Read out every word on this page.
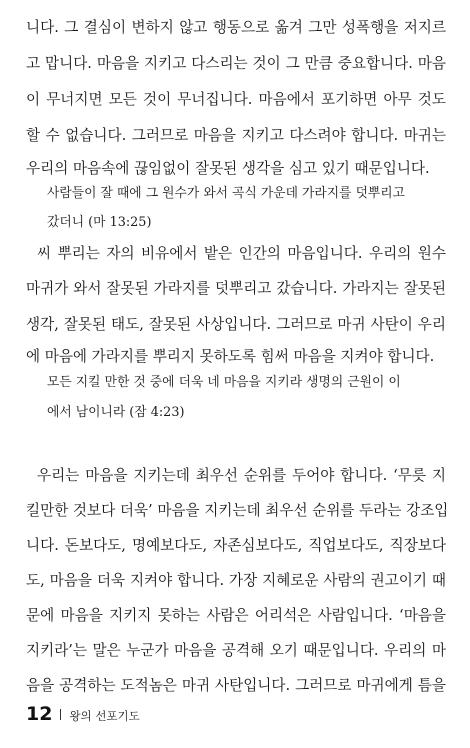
니다. 그 결심이 변하지 않고 행동으로 옮겨 그만 성폭행을 저지르
고 맙니다. 마음을 지키고 다스리는 것이 그 만큼 중요합니다. 마음
이 무너지면 모든 것이 무너집니다. 마음에서 포기하면 아무 것도
할 수 없습니다. 그러므로 마음을 지키고 다스려야 합니다. 마귀는
우리의 마음속에 끊임없이 잘못된 생각을 심고 있기 때문입니다.
사람들이 잘 때에 그 원수가 와서 곡식 가운데 가라지를 덧뿌리고
갔더니 (마 13:25)
씨 뿌리는 자의 비유에서 밭은 인간의 마음입니다. 우리의 원수
마귀가 와서 잘못된 가라지를 덧뿌리고 갔습니다. 가라지는 잘못된
생각, 잘못된 태도, 잘못된 사상입니다. 그러므로 마귀 사탄이 우리
에 마음에 가라지를 뿌리지 못하도록 힘써 마음을 지켜야 합니다.
모든 지킬 만한 것 중에 더욱 네 마음을 지키라 생명의 근원이 이
에서 남이니라 (잠 4:23)
우리는 마음을 지키는데 최우선 순위를 두어야 합니다. ‘무릇 지
킬만한 것보다 더욱’ 마음을 지키는데 최우선 순위를 두라는 강조입
니다. 돈보다도, 명예보다도, 자존심보다도, 직업보다도, 직장보다
도, 마음을 더욱 지켜야 합니다. 가장 지혜로운 사람의 권고이기 때
문에 마음을 지키지 못하는 사람은 어리석은 사람입니다. ‘마음을
지키라’는 말은 누군가 마음을 공격해 오기 때문입니다. 우리의 마
음을 공격하는 도적놈은 마귀 사탄입니다. 그러므로 마귀에게 틈을
12 왕의 선포기도
